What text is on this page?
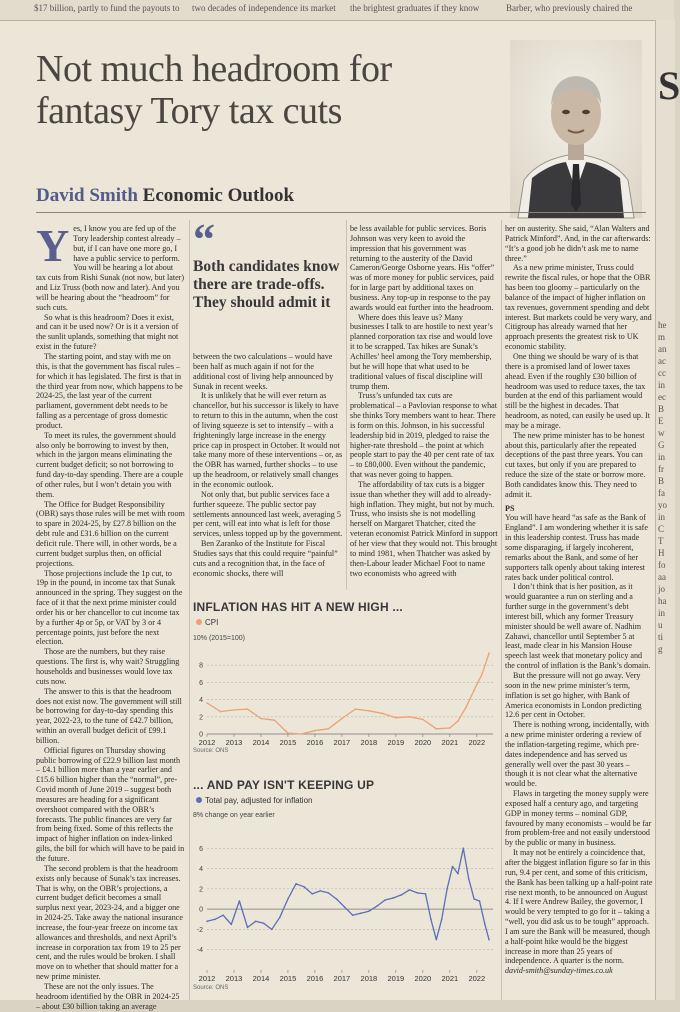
$17 billion, partly to fund the payouts to two decades of independence its market the brightest graduates if they know	Barber, who previously chaired the
S
he
m
an
ac
cc
in
ec
B
E
w
G
in
fr
B
fa
yo
in
C
T
H
fo
aa
jo
ha
in
u
ti
g
Not much headroom for fantasy Tory tax cuts
David Smith Economic Outlook
Y es, I know you are fed up of the Tory leadership contest already – but, if I can have one more go, I have a public service to perform. You will be hearing a lot about tax cuts from Rishi Sunak (not now, but later) and Liz Truss (both now and later). And you will be hearing about the “headroom” for such cuts.

So what is this headroom? Does it exist, and can it be used now? Or is it a version of the sunlit uplands, something that might not exist in the future?

The starting point, and stay with me on this, is that the government has fiscal rules – for which it has legislated. The first is that in the third year from now, which happens to be 2024-25, the last year of the current parliament, government debt needs to be falling as a percentage of gross domestic product.

To meet its rules, the government should also only be borrowing to invest by then, which in the jargon means eliminating the current budget deficit; so not borrowing to fund day-to-day spending. There are a couple of other rules, but I won’t detain you with them.

The Office for Budget Responsibility (OBR) says those rules will be met with room to spare in 2024-25, by £27.8 billion on the debt rule and £31.6 billion on the current deficit rule. There will, in other words, be a current budget surplus then, on official projections.

Those projections include the 1p cut, to 19p in the pound, in income tax that Sunak announced in the spring. They suggest on the face of it that the next prime minister could order his or her chancellor to cut income tax by a further 4p or 5p, or VAT by 3 or 4 percentage points, just before the next election.

Those are the numbers, but they raise questions. The first is, why wait? Struggling households and businesses would love tax cuts now.

The answer to this is that the headroom does not exist now. The government will still be borrowing for day-to-day spending this year, 2022-23, to the tune of £42.7 billion, within an overall budget deficit of £99.1 billion.

Official figures on Thursday showing public borrowing of £22.9 billion last month – £4.1 billion more than a year earlier and £15.6 billion higher than the “normal”, pre-Covid month of June 2019 – suggest both measures are heading for a significant overshoot compared with the OBR’s forecasts. The public finances are very far from being fixed. Some of this reflects the impact of higher inflation on index-linked gilts, the bill for which will have to be paid in the future.

The second problem is that the headroom exists only because of Sunak’s tax increases. That is why, on the OBR’s projections, a current budget deficit becomes a small surplus next year, 2023-24, and a bigger one in 2024-25. Take away the national insurance increase, the four-year freeze on income tax allowances and thresholds, and next April’s increase in corporation tax from 19 to 25 per cent, and the rules would be broken. I shall move on to whether that should matter for a new prime minister.

These are not the only issues. The headroom identified by the OBR in 2024-25 – about £30 billion taking an average

“
Both candidates know there are trade-offs. They should admit it

between the two calculations – would have been half as much again if not for the additional cost of living help announced by Sunak in recent weeks.

It is unlikely that he will ever return as chancellor, but his successor is likely to have to return to this in the autumn, when the cost of living squeeze is set to intensify – with a frighteningly large increase in the energy price cap in prospect in October. It would not take many more of these interventions – or, as the OBR has warned, further shocks – to use up the headroom, or relatively small changes in the economic outlook.

Not only that, but public services face a further squeeze. The public sector pay settlements announced last week, averaging 5 per cent, will eat into what is left for those services, unless topped up by the government.

Ben Zaranko of the Institute for Fiscal Studies says that this could require “painful” cuts and a recognition that, in the face of economic shocks, there will

be less available for public services. Boris Johnson was very keen to avoid the impression that his government was returning to the austerity of the David Cameron/George Osborne years. His “offer” was of more money for public services, paid for in large part by additional taxes on business. Any top-up in response to the pay awards would eat further into the headroom.

Where does this leave us? Many businesses I talk to are hostile to next year’s planned corporation tax rise and would love it to be scrapped. Tax hikes are Sunak’s Achilles’ heel among the Tory membership, but he will hope that what used to be traditional values of fiscal discipline will trump them.

Truss’s unfunded tax cuts are problematical – a Pavlovian response to what she thinks Tory members want to hear. There is form on this. Johnson, in his successful leadership bid in 2019, pledged to raise the higher-rate threshold – the point at which people start to pay the 40 per cent rate of tax – to £80,000. Even without the pandemic, that was never going to happen.

The affordability of tax cuts is a bigger issue than whether they will add to already-high inflation. They might, but not by much. Truss, who insists she is not modelling herself on Margaret Thatcher, cited the veteran economist Patrick Minford in support of her view that they would not. This brought to mind 1981, when Thatcher was asked by then-Labour leader Michael Foot to name two economists who agreed with

her on austerity. She said, “Alan Walters and Patrick Minford”. And, in the car afterwards: “It’s a good job he didn’t ask me to name three.”

As a new prime minister, Truss could rewrite the fiscal rules, or hope that the OBR has been too gloomy – particularly on the balance of the impact of higher inflation on tax revenues, government spending and debt interest. But markets could be very wary, and Citigroup has already warned that her approach presents the greatest risk to UK economic stability.

One thing we should be wary of is that there is a promised land of lower taxes ahead. Even if the roughly £30 billion of headroom was used to reduce taxes, the tax burden at the end of this parliament would still be the highest in decades. That headroom, as noted, can easily be used up. It may be a mirage.

The new prime minister has to be honest about this, particularly after the repeated deceptions of the past three years. You can cut taxes, but only if you are prepared to reduce the size of the state or borrow more. Both candidates know this. They need to admit it.

PS

You will have heard “as safe as the Bank of England”. I am wondering whether it is safe in this leadership contest. Truss has made some disparaging, if largely incoherent, remarks about the Bank, and some of her supporters talk openly about taking interest rates back under political control.

I don’t think that is her position, as it would guarantee a run on sterling and a further surge in the government’s debt interest bill, which any former Treasury minister should be well aware of. Nadhim Zahawi, chancellor until September 5 at least, made clear in his Mansion House speech last week that monetary policy and the control of inflation is the Bank’s domain.

But the pressure will not go away. Very soon in the new prime minister’s term, inflation is set go higher, with Bank of America economists in London predicting 12.6 per cent in October.

There is nothing wrong, incidentally, with a new prime minister ordering a review of the inflation-targeting regime, which pre-dates independence and has served us generally well over the past 30 years – though it is not clear what the alternative would be.

Flaws in targeting the money supply were exposed half a century ago, and targeting GDP in money terms – nominal GDP, favoured by many economists – would be far from problem-free and not easily understood by the public or many in business.

It may not be entirely a coincidence that, after the biggest inflation figure so far in this run, 9.4 per cent, and some of this criticism, the Bank has been talking up a half-point rate rise next month, to be announced on August 4. If I were Andrew Bailey, the governor, I would be very tempted to go for it – taking a “well, you did ask us to be tough” approach. I am sure the Bank will be measured, though a half-point hike would be the biggest increase in more than 25 years of independence. A quarter is the norm.

david-smith@sunday-times.co.uk

INFLATION HAS HIT A NEW HIGH ...
CPI
10% (2015=100)
0
2
4
6
8
2012 2013 2014 2015 2016 2017 2018 2019 2020 2021 2022
Source: ONS
... AND PAY ISN'T KEEPING UP
Total pay, adjusted for inflation
8% change on year earlier
-4
-2
0
2
4
6
2012 2013 2014 2015 2016 2017 2018 2019 2020 2021 2022
Source: ONS
